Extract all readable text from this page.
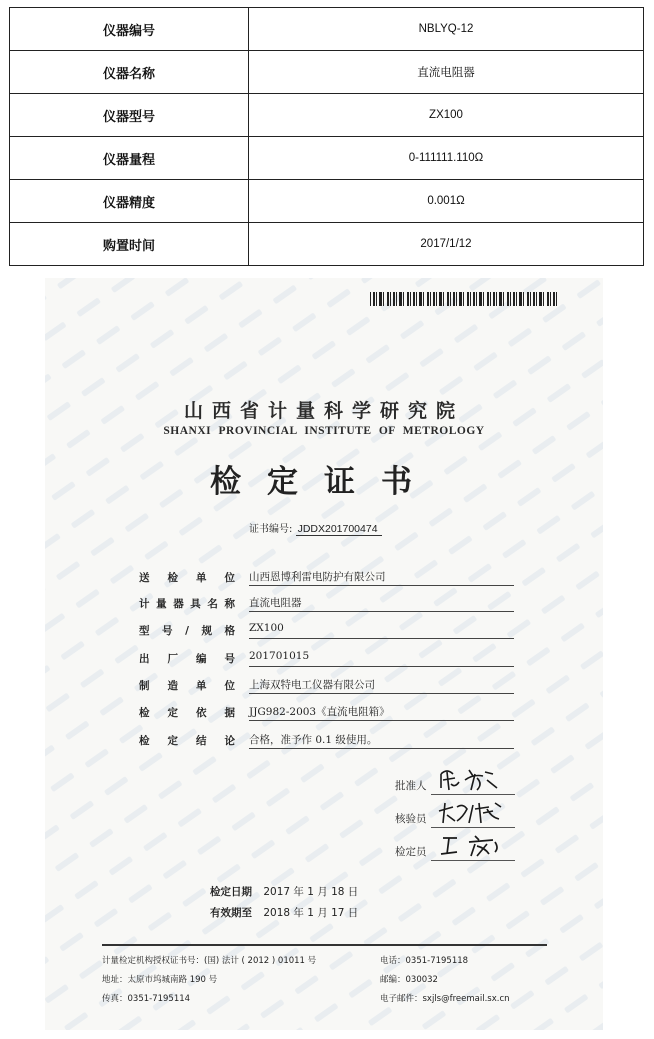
仪器编号	NBLYQ-12
仪器名称	直流电阻器
仪器型号	ZX100
仪器量程	0-111111.110Ω
仪器精度	0.001Ω
购置时间	2017/1/12
山西省计量科学研究院
SHANXI PROVINCIAL INSTITUTE OF METROLOGY
检定证书
证书编号: JDDX201700474
送检单位 山西恩博利雷电防护有限公司
计量器具名称 直流电阻器
型号/规格 ZX100
出厂编号 201701015
制造单位 上海双特电工仪器有限公司
检定依据 JJG982-2003《直流电阻箱》
检定结论 合格，准予作 0.1 级使用。
批准人
核验员
检定员
检定日期 2017 年 1 月 18 日
有效期至 2018 年 1 月 17 日
计量检定机构授权证书号：(国) 法计 ( 2012 ) 01011 号
地址：太原市坞城南路 190 号
传真：0351-7195114
电话：0351-7195118
邮编：030032
电子邮件：sxjls@freemail.sx.cn
